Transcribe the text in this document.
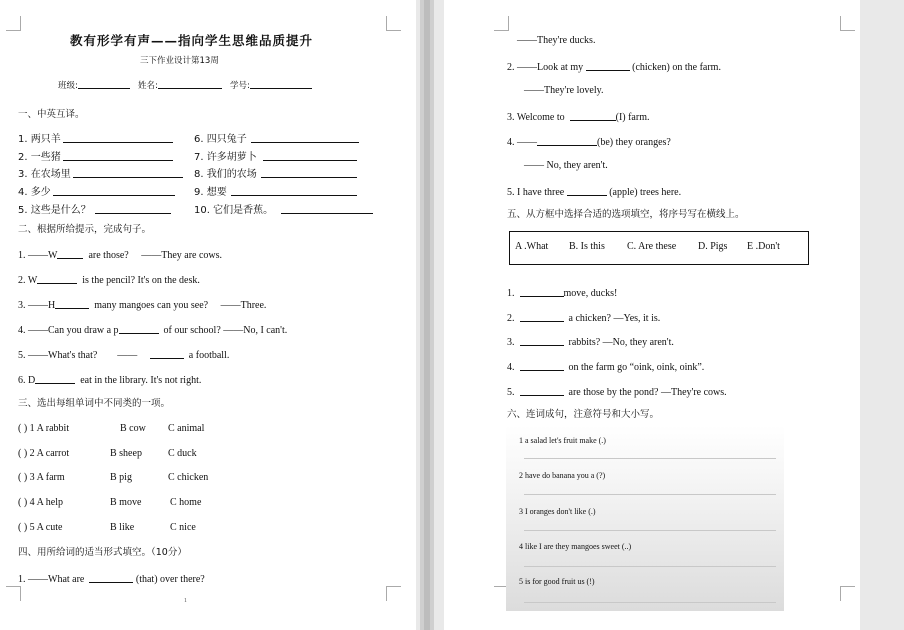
教有形学有声——指向学生思维品质提升
三下作业设计第13周
班级:	姓名:	学号:
一、中英互译。
1. 两只羊
2. 一些猪
3. 在农场里
4. 多少
5. 这些是什么？
6. 四只兔子
7. 许多胡萝卜
8. 我们的农场
9. 想要
10. 它们是香蕉。
二、根据所给提示，完成句子。
1. ——W	are those? ——They are cows.
2. W	is the pencil? It's on the desk.
3. ——H	many mangoes can you see? ——Three.
4. ——Can you draw a p	of our school? ——No, I can't.
5. ——What's that? ——	a football.
6. D	eat in the library. It's not right.
三、选出每组单词中不同类的一项。
( ) 1 A rabbit	B cow C animal
( ) 2 A carrot	B sheep	C duck
( ) 3 A farm	B pig	C chicken
( ) 4 A help	B move	C home
( ) 5 A cute	B like	C nice
四、用所给词的适当形式填空。（10分）
1. ——What are	(that) over there?
1
——They're ducks.
2. ——Look at my	(chicken) on the farm.
——They're lovely.
3. Welcome to	(I) farm.
4. ——	(be) they oranges?
—— No, they aren't.
5. I have three	(apple) trees here.
五、从方框中选择合适的选项填空，将序号写在横线上。
A .What B. Is this C. Are these D. Pigs E .Don't
1.	move, ducks!
2.	a chicken? —Yes, it is.
3.	rabbits? —No, they aren't.
4.	on the farm go “oink, oink, oink”.
5.	are those by the pond? —They're cows.
六、连词成句，注意符号和大小写。
1 a salad let's fruit make (.)
2 have do banana you a (?)
3 I oranges don't like (.)
4 like I are they mangoes sweet (..)
5 is for good fruit us (!)
